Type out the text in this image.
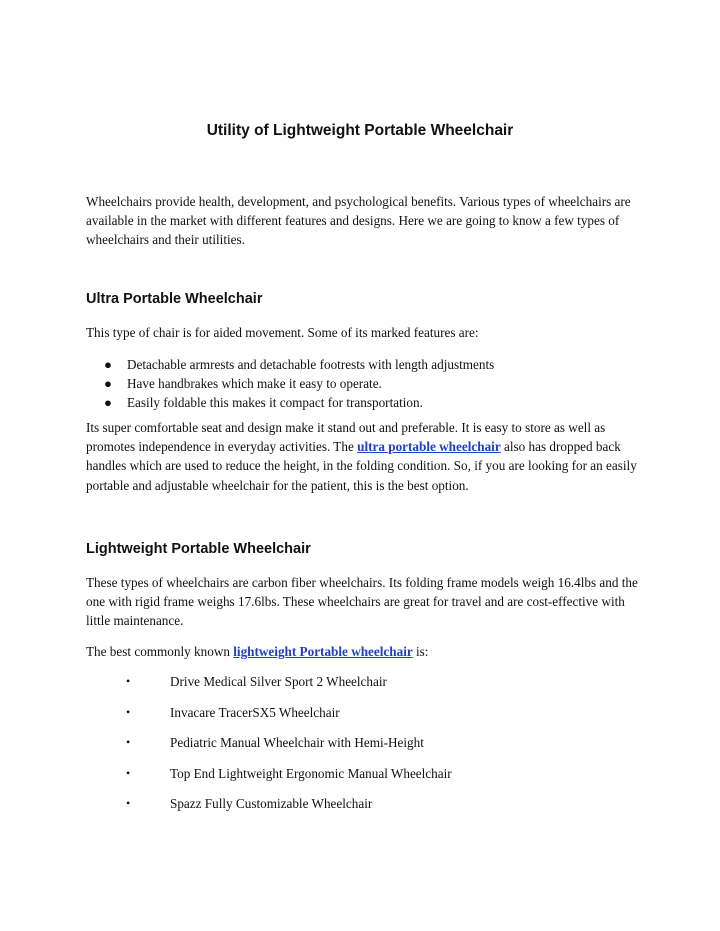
Utility of Lightweight Portable Wheelchair

Wheelchairs provide health, development, and psychological benefits. Various types of wheelchairs are available in the market with different features and designs. Here we are going to know a few types of wheelchairs and their utilities.

Ultra Portable Wheelchair

This type of chair is for aided movement. Some of its marked features are:

● Detachable armrests and detachable footrests with length adjustments
● Have handbrakes which make it easy to operate.
● Easily foldable this makes it compact for transportation.

Its super comfortable seat and design make it stand out and preferable. It is easy to store as well as promotes independence in everyday activities. The ultra portable wheelchair also has dropped back handles which are used to reduce the height, in the folding condition. So, if you are looking for an easily portable and adjustable wheelchair for the patient, this is the best option.

Lightweight Portable Wheelchair

These types of wheelchairs are carbon fiber wheelchairs. Its folding frame models weigh 16.4lbs and the one with rigid frame weighs 17.6lbs. These wheelchairs are great for travel and are cost-effective with little maintenance.

The best commonly known lightweight Portable wheelchair is:

•	Drive Medical Silver Sport 2 Wheelchair
•	Invacare TracerSX5 Wheelchair
•	Pediatric Manual Wheelchair with Hemi-Height
•	Top End Lightweight Ergonomic Manual Wheelchair
•	Spazz Fully Customizable Wheelchair
